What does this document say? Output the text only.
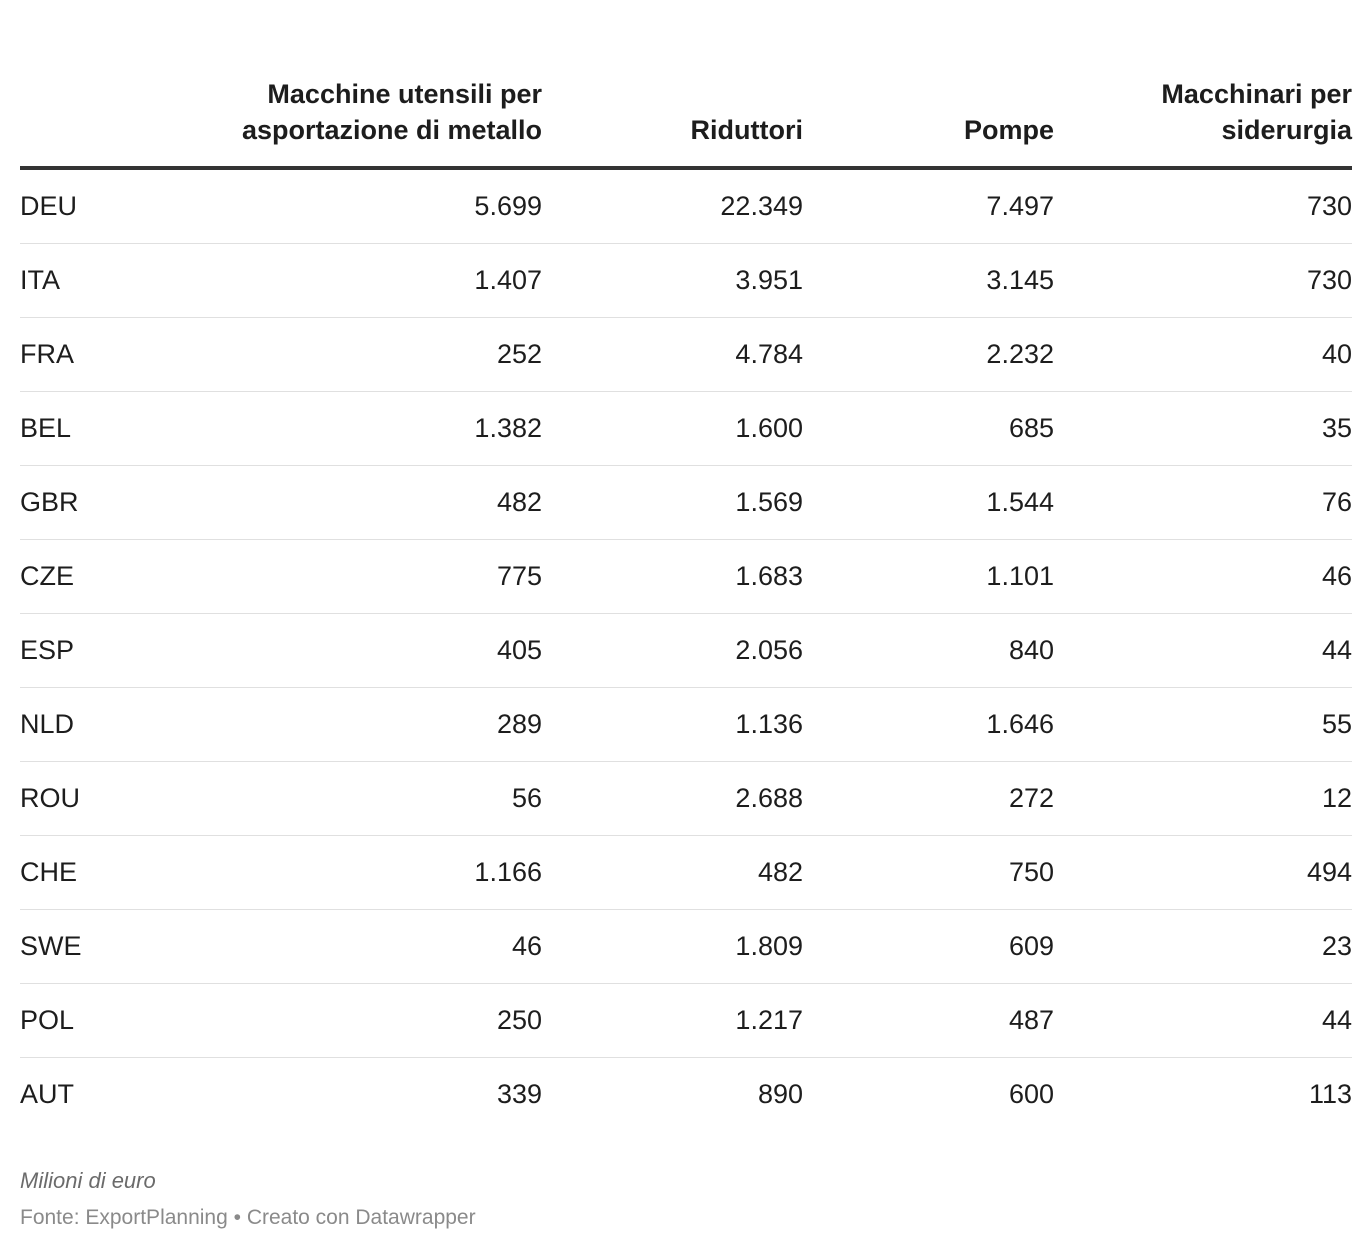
	Macchine utensili per asportazione di metallo	Riduttori	Pompe	Macchinari per siderurgia
DEU	5.699	22.349	7.497	730
ITA	1.407	3.951	3.145	730
FRA	252	4.784	2.232	40
BEL	1.382	1.600	685	35
GBR	482	1.569	1.544	76
CZE	775	1.683	1.101	46
ESP	405	2.056	840	44
NLD	289	1.136	1.646	55
ROU	56	2.688	272	12
CHE	1.166	482	750	494
SWE	46	1.809	609	23
POL	250	1.217	487	44
AUT	339	890	600	113
Milioni di euro
Fonte: ExportPlanning • Creato con Datawrapper
